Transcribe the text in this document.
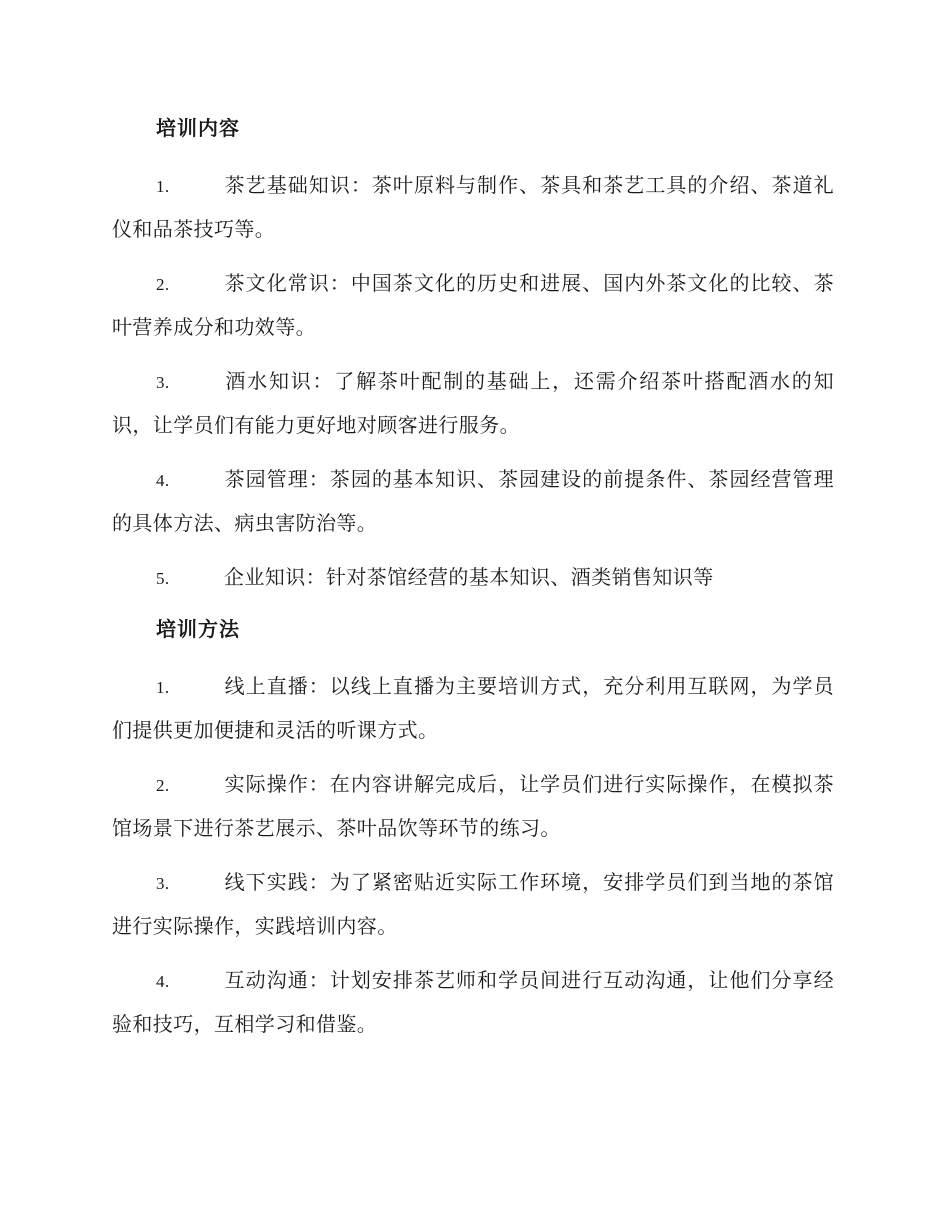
培训内容

1.	茶艺基础知识：茶叶原料与制作、茶具和茶艺工具的介绍、茶道礼仪和品茶技巧等。

2.	茶文化常识：中国茶文化的历史和进展、国内外茶文化的比较、茶叶营养成分和功效等。

3.	酒水知识：了解茶叶配制的基础上，还需介绍茶叶搭配酒水的知识，让学员们有能力更好地对顾客进行服务。

4.	茶园管理：茶园的基本知识、茶园建设的前提条件、茶园经营管理的具体方法、病虫害防治等。

5.	企业知识：针对茶馆经营的基本知识、酒类销售知识等

培训方法

1.	线上直播：以线上直播为主要培训方式，充分利用互联网，为学员们提供更加便捷和灵活的听课方式。

2.	实际操作：在内容讲解完成后，让学员们进行实际操作，在模拟茶馆场景下进行茶艺展示、茶叶品饮等环节的练习。

3.	线下实践：为了紧密贴近实际工作环境，安排学员们到当地的茶馆进行实际操作，实践培训内容。

4.	互动沟通：计划安排茶艺师和学员间进行互动沟通，让他们分享经验和技巧，互相学习和借鉴。
